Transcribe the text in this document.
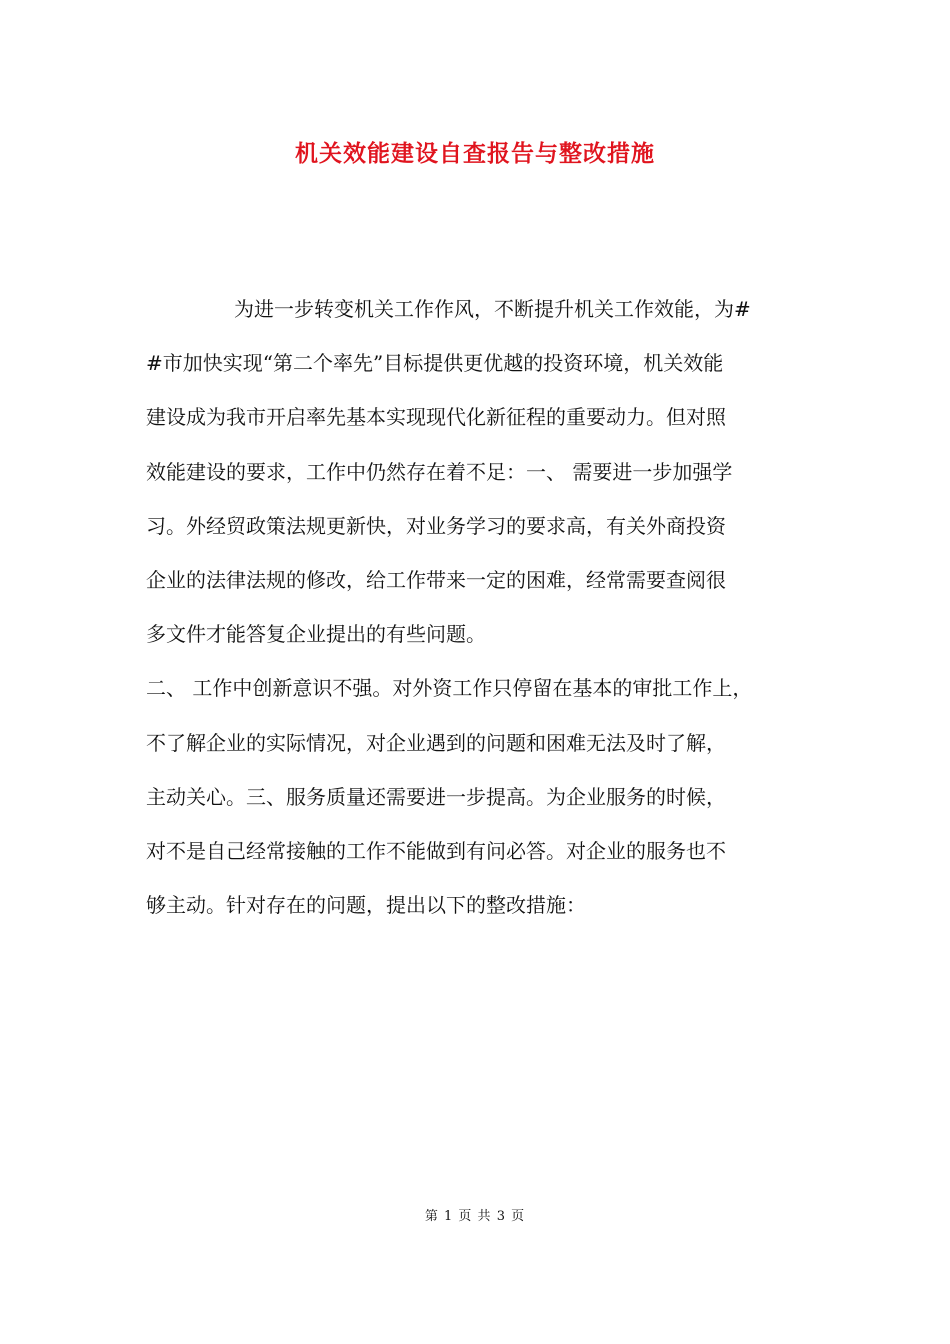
机关效能建设自查报告与整改措施
为进一步转变机关工作作风，不断提升机关工作效能，为#
#市加快实现“第二个率先”目标提供更优越的投资环境，机关效能
建设成为我市开启率先基本实现现代化新征程的重要动力。但对照
效能建设的要求，工作中仍然存在着不足：一、 需要进一步加强学
习。外经贸政策法规更新快，对业务学习的要求高，有关外商投资
企业的法律法规的修改，给工作带来一定的困难，经常需要查阅很
多文件才能答复企业提出的有些问题。
二、 工作中创新意识不强。对外资工作只停留在基本的审批工作上，
不了解企业的实际情况，对企业遇到的问题和困难无法及时了解，
主动关心。三、服务质量还需要进一步提高。为企业服务的时候，
对不是自己经常接触的工作不能做到有问必答。对企业的服务也不
够主动。针对存在的问题，提出以下的整改措施：
第 1 页 共 3 页
